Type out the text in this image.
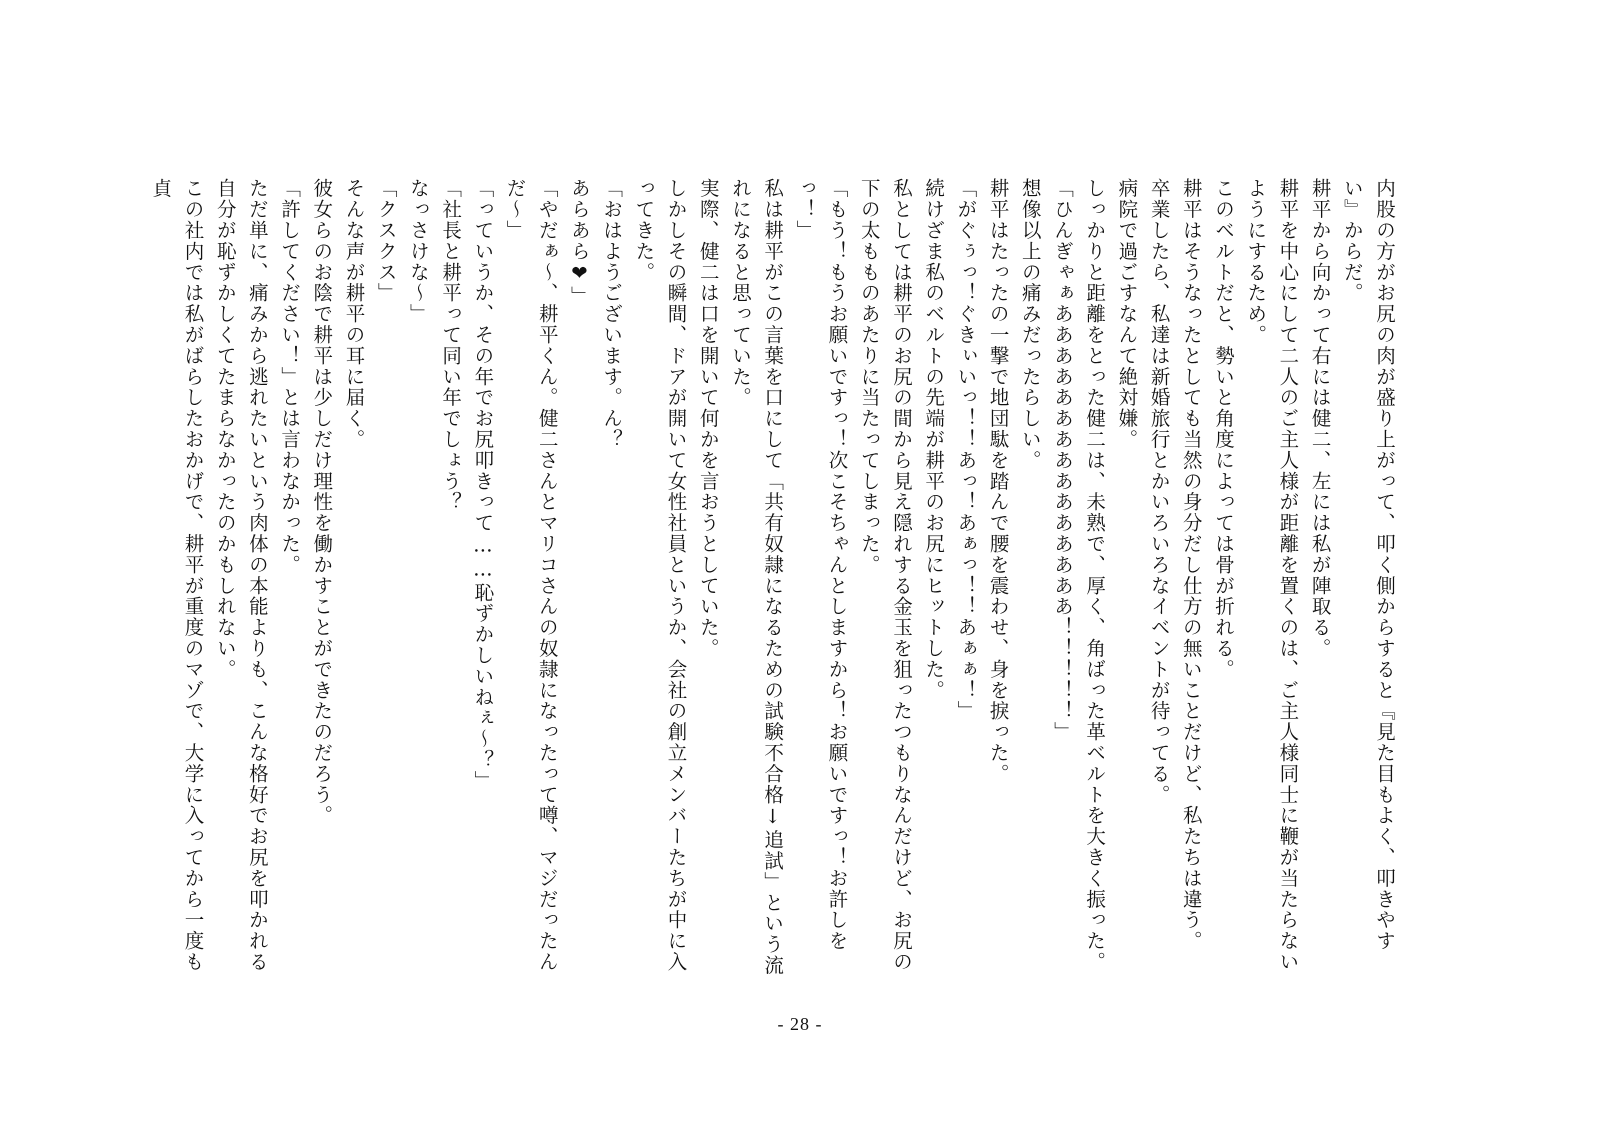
内股の方がお尻の肉が盛り上がって、叩く側からすると『見た目もよく、叩きやすい』からだ。

耕平から向かって右には健二、左には私が陣取る。

耕平を中心にして二人のご主人様が距離を置くのは、ご主人様同士に鞭が当たらないようにするため。

このベルトだと、勢いと角度によっては骨が折れる。

耕平はそうなったとしても当然の身分だし仕方の無いことだけど、私たちは違う。

卒業したら、私達は新婚旅行とかいろいろなイベントが待ってる。

病院で過ごすなんて絶対嫌。

しっかりと距離をとった健二は、未熟で、厚く、角ばった革ベルトを大きく振った。

「ひんぎゃぁあああああああああああああああ！！！！！」

想像以上の痛みだったらしい。

耕平はたったの一撃で地団駄を踏んで腰を震わせ、身を捩った。

「がぐぅっ！ぐきぃいっ！！あっ！あぁっ！！あぁぁ！」

続けざま私のベルトの先端が耕平のお尻にヒットした。

私としては耕平のお尻の間から見え隠れする金玉を狙ったつもりなんだけど、お尻の下の太もものあたりに当たってしまった。

「もう！もうお願いですっ！次こそちゃんとしますから！お願いですっ！お許しをっ！」

私は耕平がこの言葉を口にして「共有奴隷になるための試験不合格↓追試」という流れになると思っていた。

実際、健二は口を開いて何かを言おうとしていた。

しかしその瞬間、ドアが開いて女性社員というか、会社の創立メンバーたちが中に入ってきた。

「おはようございます。ん？

あらあら❤」

「やだぁ〜、耕平くん。健二さんとマリコさんの奴隷になったって噂、マジだったんだ〜」

「っていうか、その年でお尻叩きって……恥ずかしいねぇ〜？」

「社長と耕平って同い年でしょう？

なっさけな〜」

「クスクス」

そんな声が耕平の耳に届く。

彼女らのお陰で耕平は少しだけ理性を働かすことができたのだろう。

「許してください！」とは言わなかった。

ただ単に、痛みから逃れたいという肉体の本能よりも、こんな格好でお尻を叩かれる自分が恥ずかしくてたまらなかったのかもしれない。

この社内では私がばらしたおかげで、耕平が重度のマゾで、大学に入ってから一度も貞

- 28 -
